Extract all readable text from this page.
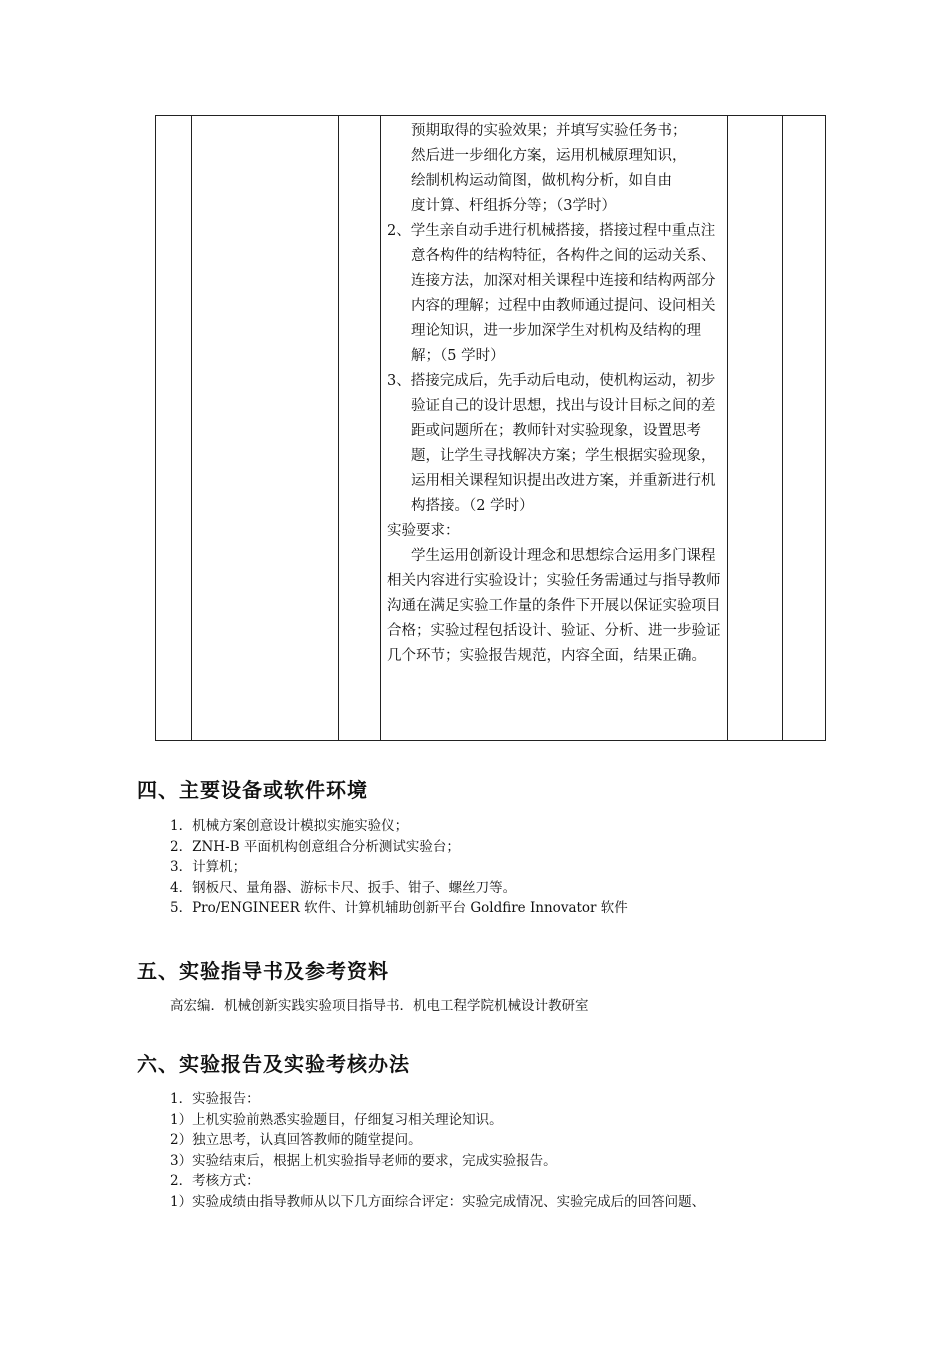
预期取得的实验效果；并填写实验任务书；
然后进一步细化方案，运用机械原理知识，
绘制机构运动简图，做机构分析，如自由
度计算、杆组拆分等；（3学时）
2、学生亲自动手进行机械搭接，搭接过程中重点注意各构件的结构特征，各构件之间的运动关系、连接方法，加深对相关课程中连接和结构两部分内容的理解；过程中由教师通过提问、设问相关理论知识，进一步加深学生对机构及结构的理解；（5 学时）
3、搭接完成后，先手动后电动，使机构运动，初步验证自己的设计思想，找出与设计目标之间的差距或问题所在；教师针对实验现象，设置思考题，让学生寻找解决方案；学生根据实验现象，运用相关课程知识提出改进方案，并重新进行机构搭接。（2 学时）
实验要求：
学生运用创新设计理念和思想综合运用多门课程相关内容进行实验设计；实验任务需通过与指导教师沟通在满足实验工作量的条件下开展以保证实验项目合格；实验过程包括设计、验证、分析、进一步验证几个环节；实验报告规范，内容全面，结果正确。

四、主要设备或软件环境
1．机械方案创意设计模拟实施实验仪；
2．ZNH-B 平面机构创意组合分析测试实验台；
3．计算机；
4．钢板尺、量角器、游标卡尺、扳手、钳子、螺丝刀等。
5．Pro/ENGINEER 软件、计算机辅助创新平台 Goldfire Innovator 软件
五、实验指导书及参考资料
高宏编．机械创新实践实验项目指导书．机电工程学院机械设计教研室
六、实验报告及实验考核办法
1．实验报告：
1）上机实验前熟悉实验题目，仔细复习相关理论知识。
2）独立思考，认真回答教师的随堂提问。
3）实验结束后，根据上机实验指导老师的要求，完成实验报告。
2．考核方式：
1）实验成绩由指导教师从以下几方面综合评定：实验完成情况、实验完成后的回答问题、
